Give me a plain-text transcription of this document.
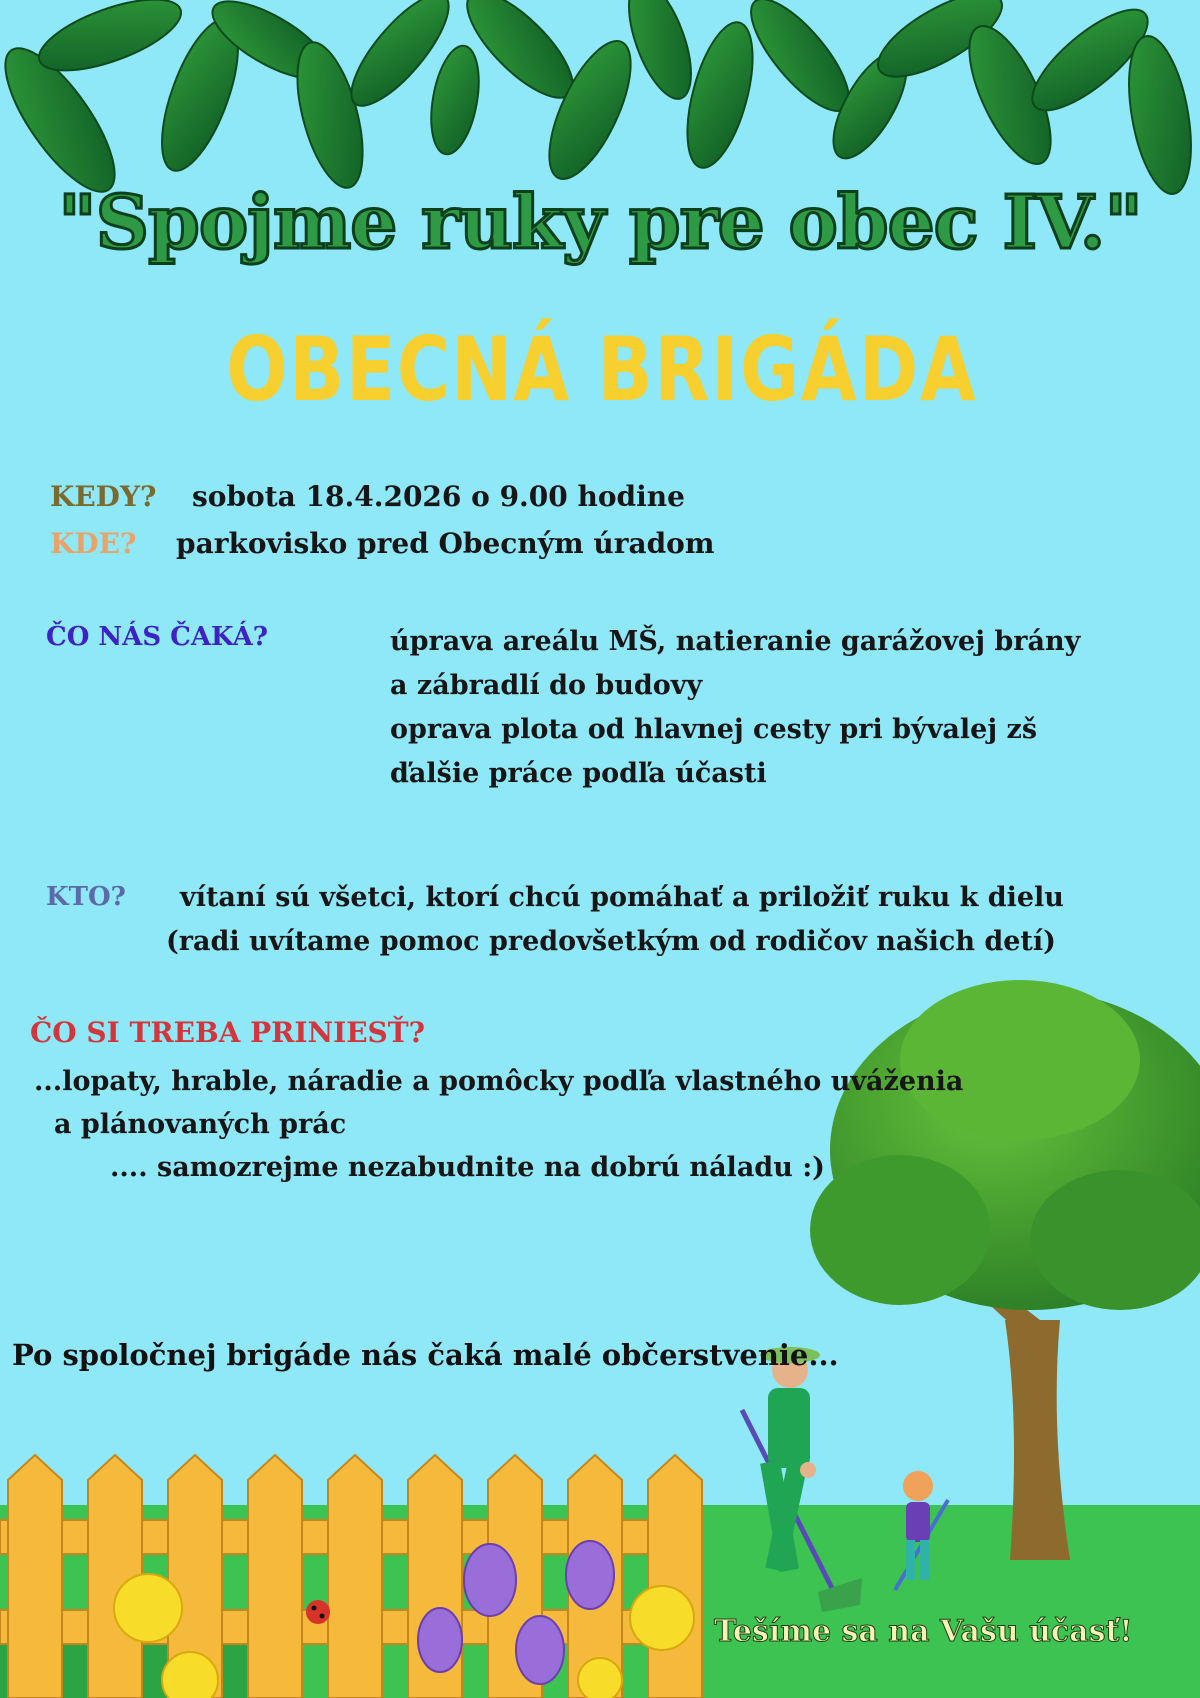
"Spojme ruky pre obec IV."
OBECNÁ BRIGÁDA
KEDY? sobota 18.4.2026 o 9.00 hodine
KDE? parkovisko pred Obecným úradom
ČO NÁS ČAKÁ?	úprava areálu MŠ, natieranie garážovej brány
a zábradlí do budovy
oprava plota od hlavnej cesty pri bývalej zš
ďalšie práce podľa účasti
KTO? vítaní sú všetci, ktorí chcú pomáhať a priložiť ruku k dielu
(radi uvítame pomoc predovšetkým od rodičov našich detí)
ČO SI TREBA PRINIESŤ?
...lopaty, hrable, náradie a pomôcky podľa vlastného uváženia
a plánovaných prác
.... samozrejme nezabudnite na dobrú náladu :)
Po spoločnej brigáde nás čaká malé občerstvenie...
Tešíme sa na Vašu účasť!
